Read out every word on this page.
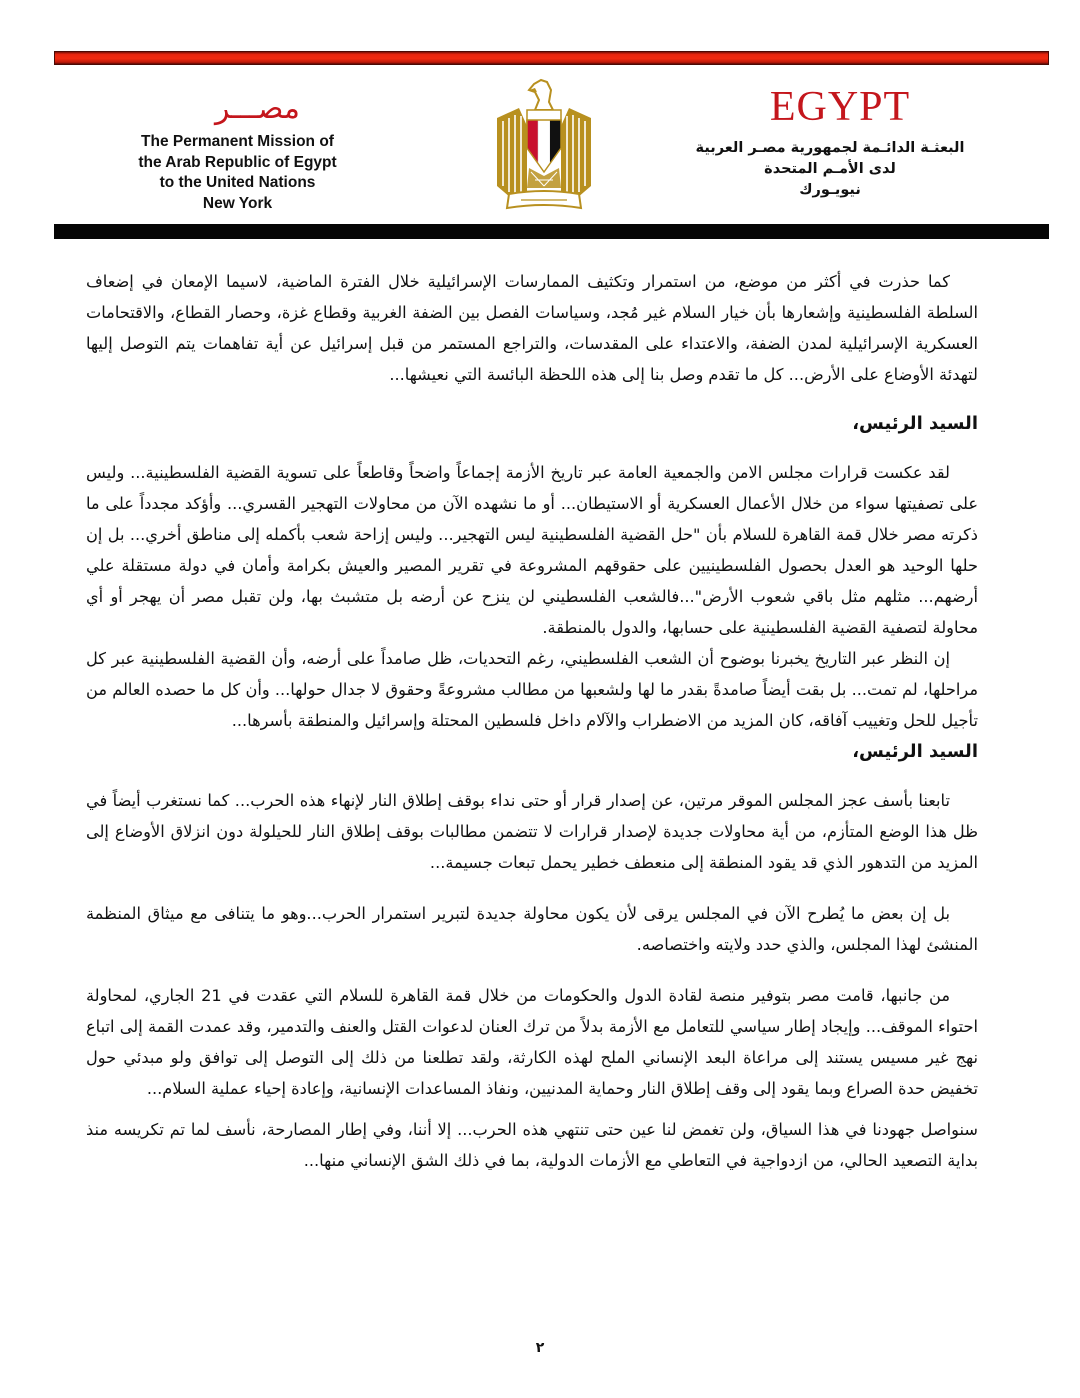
مصـــر
The Permanent Mission of
the Arab Republic of Egypt
to the United Nations
New York
EGYPT
البعثـة الدائـمة لجمهورية مصـر العربية
لدى الأمـم المتحدة
نيويـورك

كما حذرت في أكثر من موضع، من استمرار وتكثيف الممارسات الإسرائيلية خلال الفترة الماضية، لاسيما الإمعان في إضعاف السلطة الفلسطينية وإشعارها بأن خيار السلام غير مُجد، وسياسات الفصل بين الضفة الغربية وقطاع غزة، وحصار القطاع، والاقتحامات العسكرية الإسرائيلية لمدن الضفة، والاعتداء على المقدسات، والتراجع المستمر من قبل إسرائيل عن أية تفاهمات يتم التوصل إليها لتهدئة الأوضاع على الأرض... كل ما تقدم وصل بنا إلى هذه اللحظة البائسة التي نعيشها...

السيد الرئيس،

لقد عكست قرارات مجلس الامن والجمعية العامة عبر تاريخ الأزمة إجماعاً واضحاً وقاطعاً على تسوية القضية الفلسطينية... وليس على تصفيتها سواء من خلال الأعمال العسكرية أو الاستيطان... أو ما نشهده الآن من محاولات التهجير القسري... وأؤكد مجدداً على ما ذكرته مصر خلال قمة القاهرة للسلام بأن "حل القضية الفلسطينية ليس التهجير... وليس إزاحة شعب بأكمله إلى مناطق أخري... بل إن حلها الوحيد هو العدل بحصول الفلسطينيين على حقوقهم المشروعة في تقرير المصير والعيش بكرامة وأمان في دولة مستقلة علي أرضهم... مثلهم مثل باقي شعوب الأرض"...فالشعب الفلسطيني لن ينزح عن أرضه بل متشبث بها، ولن تقبل مصر أن يهجر أو أي محاولة لتصفية القضية الفلسطينية على حسابها، والدول بالمنطقة.

إن النظر عبر التاريخ يخبرنا بوضوح أن الشعب الفلسطيني، رغم التحديات، ظل صامداً على أرضه، وأن القضية الفلسطينية عبر كل مراحلها، لم تمت... بل بقت أيضاً صامدةً بقدر ما لها ولشعبها من مطالب مشروعةً وحقوق لا جدال حولها... وأن كل ما حصده العالم من تأجيل للحل وتغييب آفاقه، كان المزيد من الاضطراب والآلام داخل فلسطين المحتلة وإسرائيل والمنطقة بأسرها...

السيد الرئيس،

تابعنا بأسف عجز المجلس الموقر مرتين، عن إصدار قرار أو حتى نداء بوقف إطلاق النار لإنهاء هذه الحرب... كما نستغرب أيضاً في ظل هذا الوضع المتأزم، من أية محاولات جديدة لإصدار قرارات لا تتضمن مطالبات بوقف إطلاق النار للحيلولة دون انزلاق الأوضاع إلى المزيد من التدهور الذي قد يقود المنطقة إلى منعطف خطير يحمل تبعات جسيمة...

بل إن بعض ما يُطرح الآن في المجلس يرقى لأن يكون محاولة جديدة لتبرير استمرار الحرب...وهو ما يتنافى مع ميثاق المنظمة المنشئ لهذا المجلس، والذي حدد ولايته واختصاصه.

من جانبها، قامت مصر بتوفير منصة لقادة الدول والحكومات من خلال قمة القاهرة للسلام التي عقدت في 21 الجاري، لمحاولة احتواء الموقف... وإيجاد إطار سياسي للتعامل مع الأزمة بدلاً من ترك العنان لدعوات القتل والعنف والتدمير، وقد عمدت القمة إلى اتباع نهج غير مسيس يستند إلى مراعاة البعد الإنساني الملح لهذه الكارثة، ولقد تطلعنا من ذلك إلى التوصل إلى توافق ولو مبدئي حول تخفيض حدة الصراع وبما يقود إلى وقف إطلاق النار وحماية المدنيين، ونفاذ المساعدات الإنسانية، وإعادة إحياء عملية السلام...

سنواصل جهودنا في هذا السياق، ولن تغمض لنا عين حتى تنتهي هذه الحرب... إلا أننا، وفي إطار المصارحة، نأسف لما تم تكريسه منذ بداية التصعيد الحالي، من ازدواجية في التعاطي مع الأزمات الدولية، بما في ذلك الشق الإنساني منها...

٢
